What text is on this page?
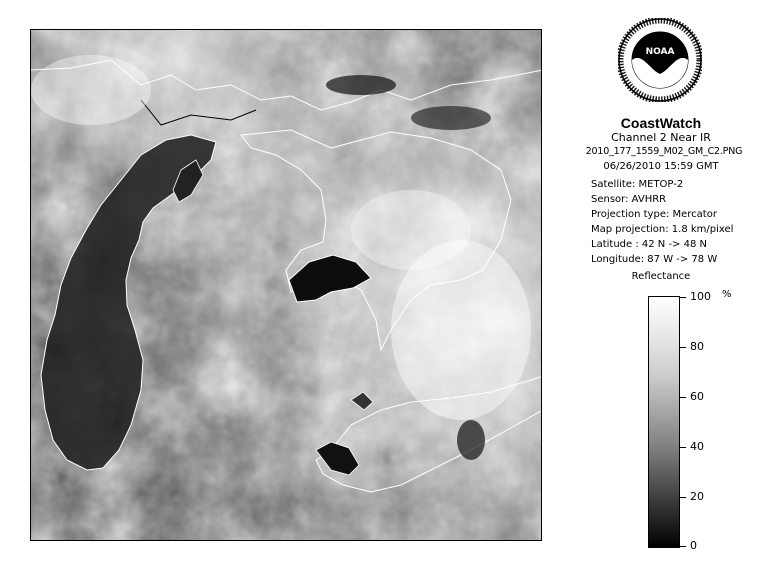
NOAA
CoastWatch
Channel 2 Near IR
2010_177_1559_M02_GM_C2.PNG
06/26/2010 15:59 GMT
Satellite: METOP-2
Sensor: AVHRR
Projection type: Mercator
Map projection: 1.8 km/pixel
Latitude : 42 N -> 48 N
Longitude: 87 W -> 78 W
Reflectance
%
100
80
60
40
20
0
